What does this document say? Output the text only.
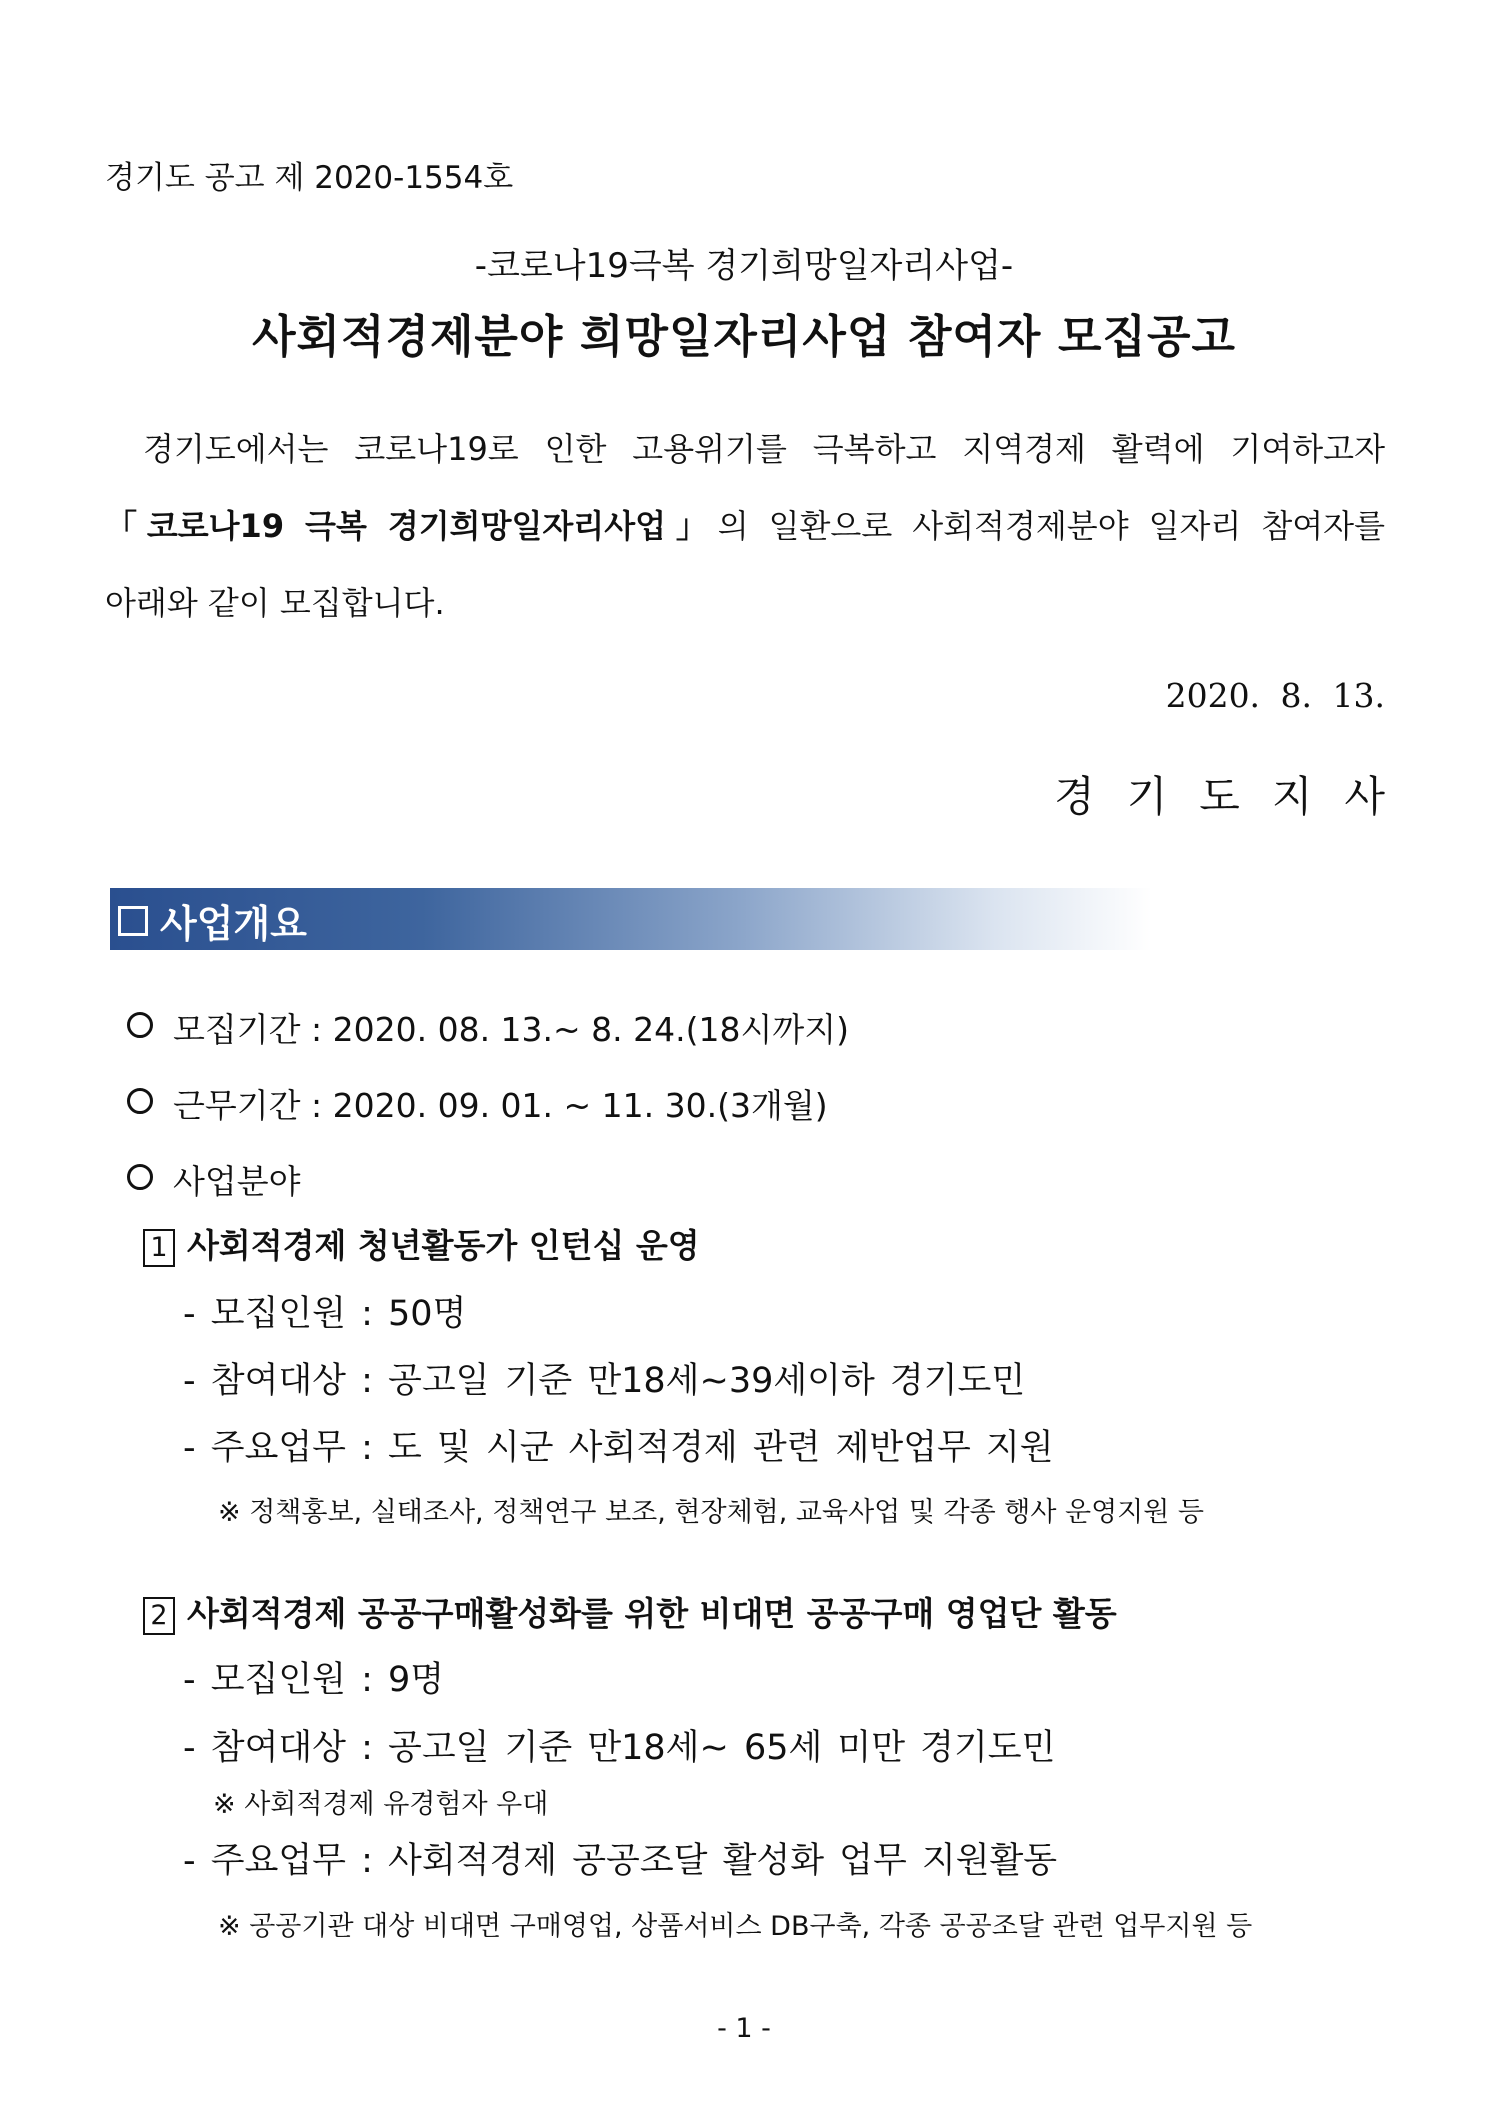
경기도 공고 제 2020-1554호
-코로나19극복 경기희망일자리사업-
사회적경제분야 희망일자리사업 참여자 모집공고
경기도에서는 코로나19로 인한 고용위기를 극복하고 지역경제 활력에 기여하고자
「코로나19 극복 경기희망일자리사업」의 일환으로 사회적경제분야 일자리 참여자를
아래와 같이 모집합니다.
2020. 8. 13.
경기도지사
사업개요
모집기간 : 2020. 08. 13.~ 8. 24.(18시까지)
근무기간 : 2020. 09. 01. ~ 11. 30.(3개월)
사업분야
1 사회적경제 청년활동가 인턴십 운영
- 모집인원 : 50명
- 참여대상 : 공고일 기준 만18세~39세이하 경기도민
- 주요업무 : 도 및 시군 사회적경제 관련 제반업무 지원
※ 정책홍보, 실태조사, 정책연구 보조, 현장체험, 교육사업 및 각종 행사 운영지원 등
2 사회적경제 공공구매활성화를 위한 비대면 공공구매 영업단 활동
- 모집인원 : 9명
- 참여대상 : 공고일 기준 만18세~ 65세 미만 경기도민
※ 사회적경제 유경험자 우대
- 주요업무 : 사회적경제 공공조달 활성화 업무 지원활동
※ 공공기관 대상 비대면 구매영업, 상품서비스 DB구축, 각종 공공조달 관련 업무지원 등
- 1 -
